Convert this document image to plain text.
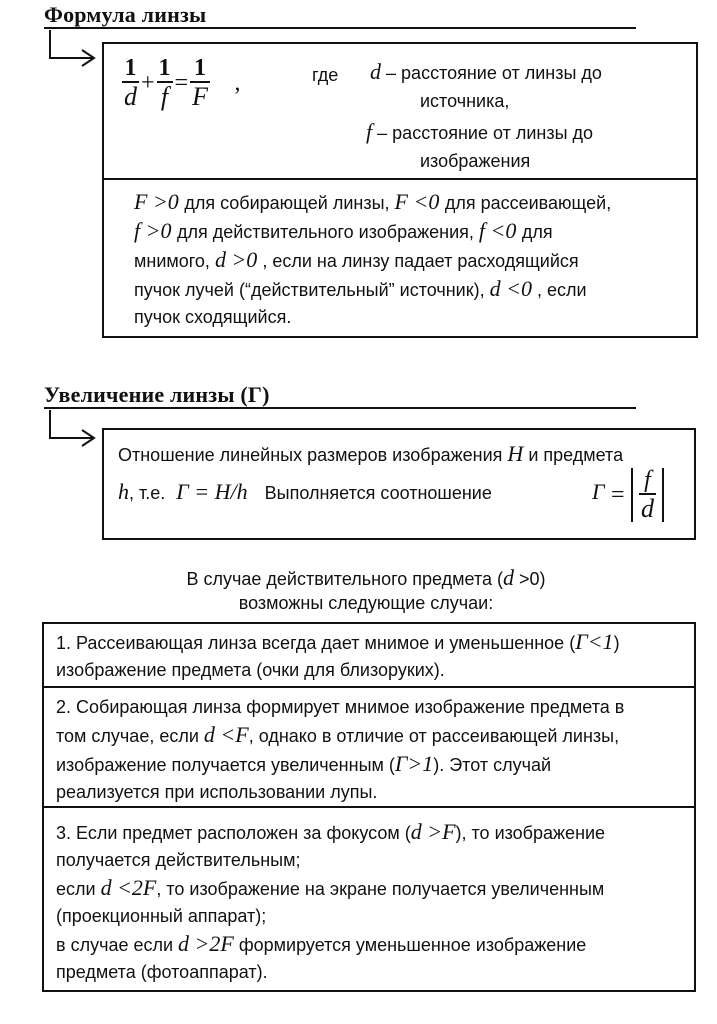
Формула линзы
$\frac{1}{d} + \frac{1}{f} = \frac{1}{F}$ ,	где d – расстояние от линзы до
источника,
f – расстояние от линзы до
изображения
F >0 для собирающей линзы, F <0 для рассеивающей,
f >0 для действительного изображения, f <0 для
мнимого, d >0 , если на линзу падает расходящийся
пучок лучей (“действительный” источник), d <0 , если
пучок сходящийся.
Увеличение линзы (Г)
Отношение линейных размеров изображения H и предмета
h, т.е. Г = H/h Выполняется соотношение	$Г = \frac{f}{d}$
В случае действительного предмета (d >0)
возможны следующие случаи:
1. Рассеивающая линза всегда дает мнимое и уменьшенное (Г<1)
изображение предмета (очки для близоруких).
2. Собирающая линза формирует мнимое изображение предмета в
том случае, если d <F, однако в отличие от рассеивающей линзы,
изображение получается увеличенным (Г>1). Этот случай
реализуется при использовании лупы.
3. Если предмет расположен за фокусом (d >F), то изображение
получается действительным;
если d <2F, то изображение на экране получается увеличенным
(проекционный аппарат);
в случае если d >2F формируется уменьшенное изображение
предмета (фотоаппарат).
